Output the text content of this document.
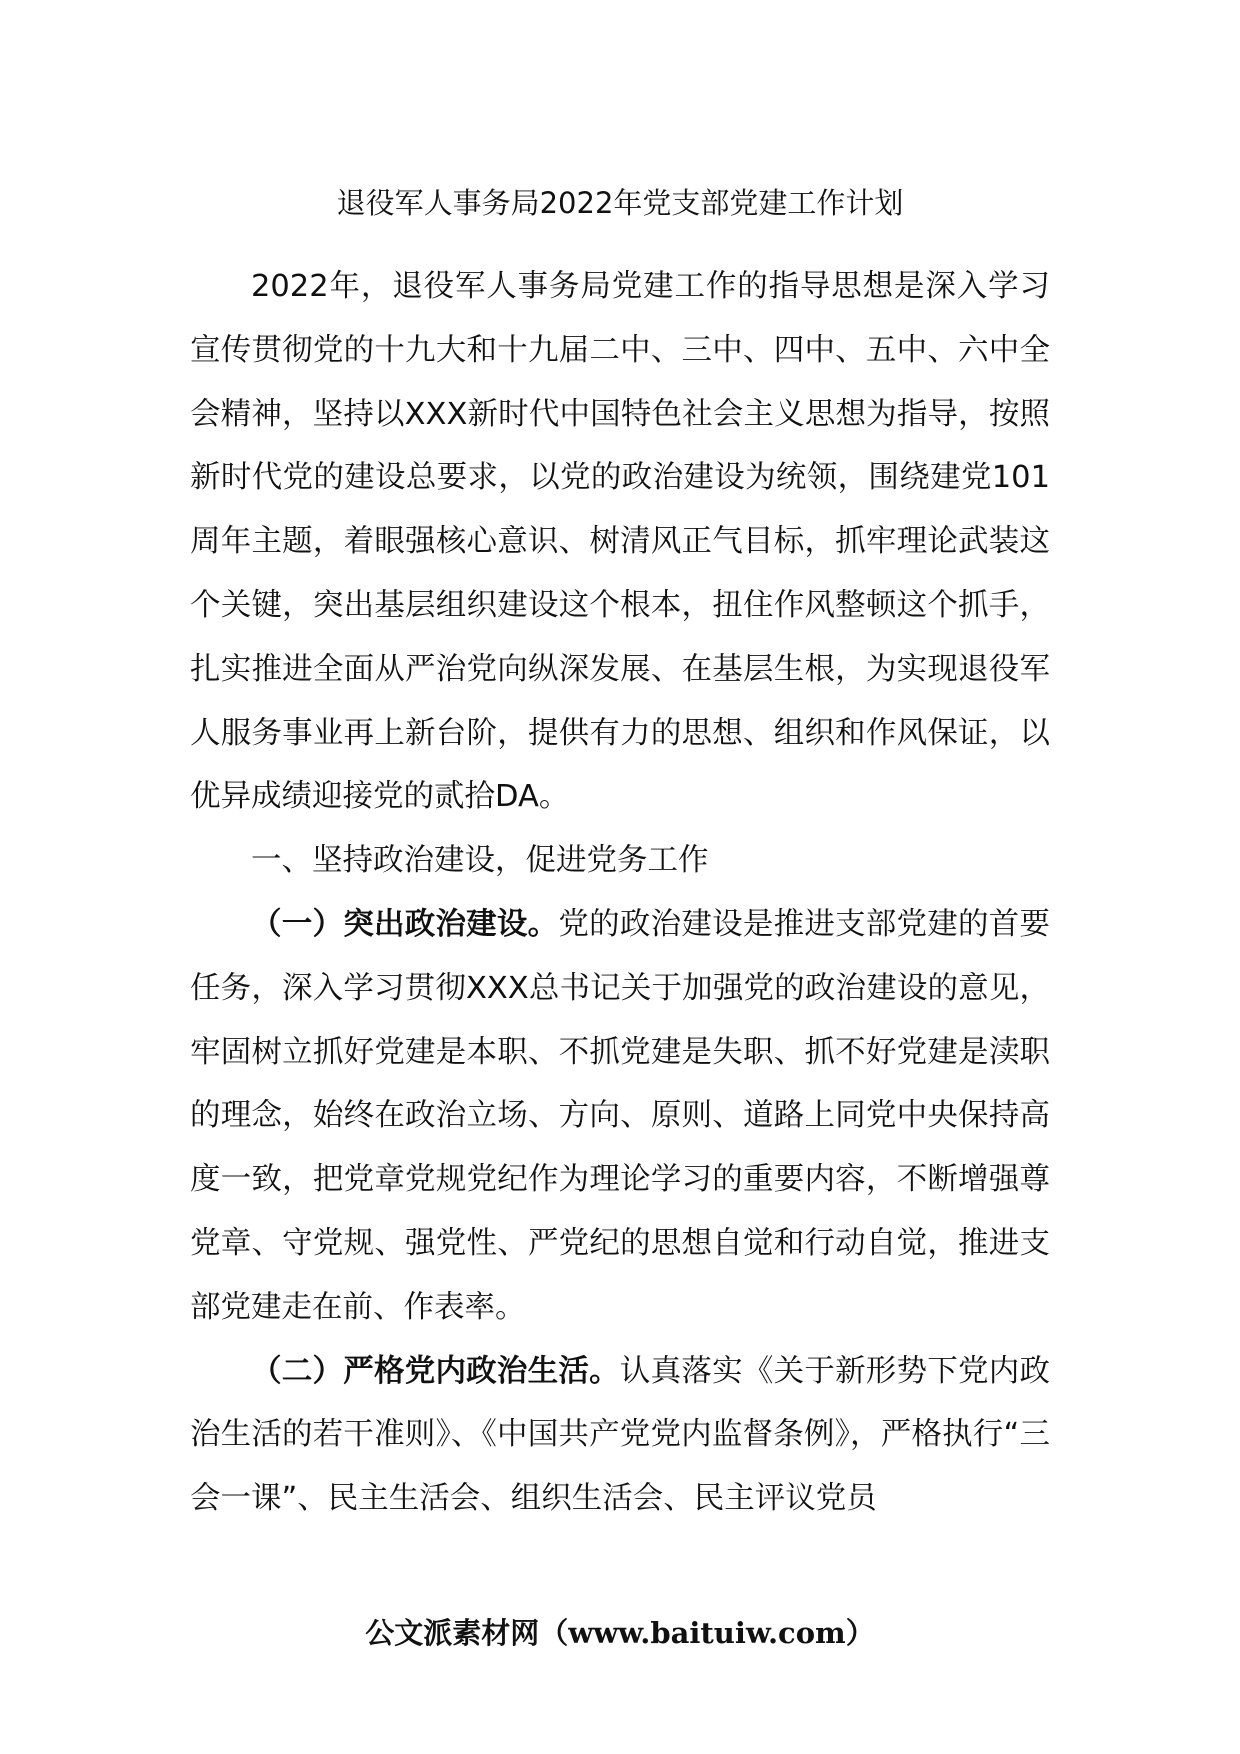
退役军人事务局2022年党支部党建工作计划

2022年，退役军人事务局党建工作的指导思想是深入学习宣传贯彻党的十九大和十九届二中、三中、四中、五中、六中全会精神，坚持以XXX新时代中国特色社会主义思想为指导，按照新时代党的建设总要求，以党的政治建设为统领，围绕建党101周年主题，着眼强核心意识、树清风正气目标，抓牢理论武装这个关键，突出基层组织建设这个根本，扭住作风整顿这个抓手，扎实推进全面从严治党向纵深发展、在基层生根，为实现退役军人服务事业再上新台阶，提供有力的思想、组织和作风保证，以优异成绩迎接党的贰拾DA。

一、坚持政治建设，促进党务工作

（一）突出政治建设。党的政治建设是推进支部党建的首要任务，深入学习贯彻XXX总书记关于加强党的政治建设的意见，牢固树立抓好党建是本职、不抓党建是失职、抓不好党建是渎职的理念，始终在政治立场、方向、原则、道路上同党中央保持高度一致，把党章党规党纪作为理论学习的重要内容，不断增强尊党章、守党规、强党性、严党纪的思想自觉和行动自觉，推进支部党建走在前、作表率。

（二）严格党内政治生活。认真落实《关于新形势下党内政治生活的若干准则》、《中国共产党党内监督条例》，严格执行“三会一课”、民主生活会、组织生活会、民主评议党员

公文派素材网（www.baituiw.com）
